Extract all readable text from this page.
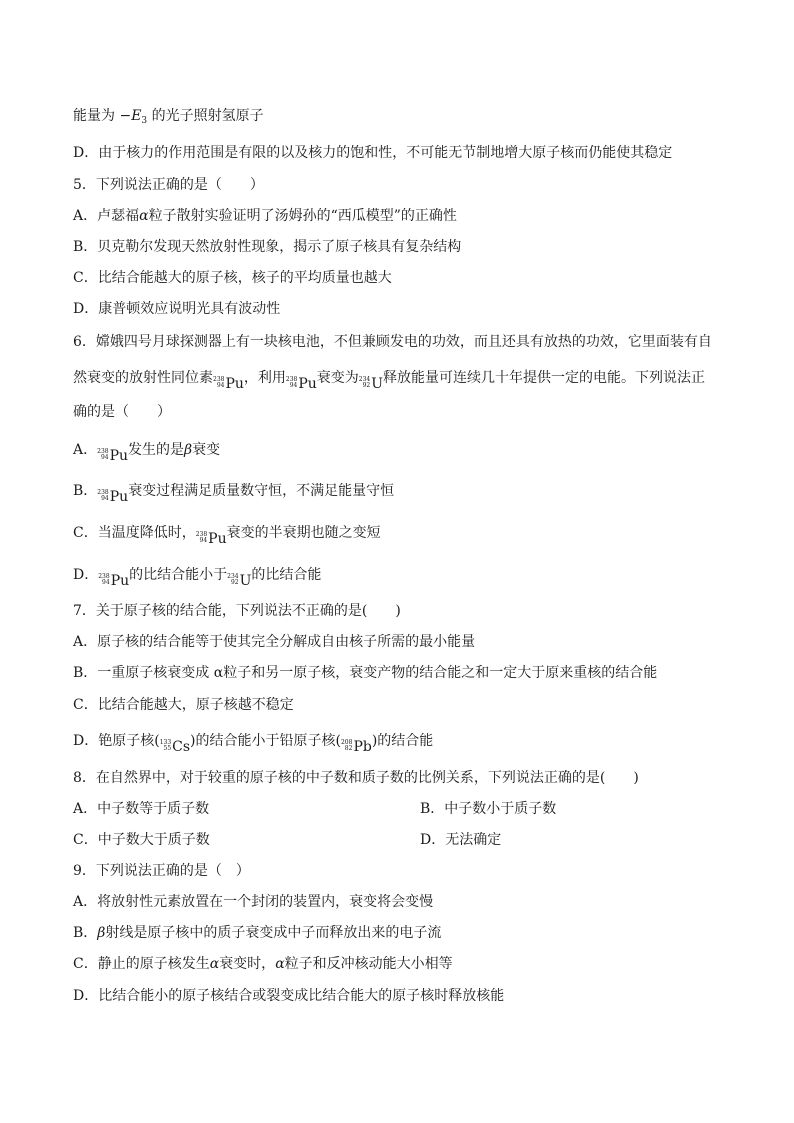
能量为 $-E_3$ 的光子照射氢原子
D．由于核力的作用范围是有限的以及核力的饱和性，不可能无节制地增大原子核而仍能使其稳定
5．下列说法正确的是（　　）
A．卢瑟福α粒子散射实验证明了汤姆孙的“西瓜模型”的正确性
B．贝克勒尔发现天然放射性现象，揭示了原子核具有复杂结构
C．比结合能越大的原子核，核子的平均质量也越大
D．康普顿效应说明光具有波动性
6．嫦娥四号月球探测器上有一块核电池，不但兼顾发电的功效，而且还具有放热的功效，它里面装有自
然衰变的放射性同位素 238
94 Pu ，利用 238
94 Pu 衰变为 234
92 U 释放能量可连续几十年提供一定的电能。下列说法正
确的是（　　）
A． 238
94 Pu 发生的是β衰变
B． 238
94 Pu 衰变过程满足质量数守恒，不满足能量守恒
C．当温度降低时， 238
94 Pu 衰变的半衰期也随之变短
D． 238
94 Pu 的比结合能小于 234
92 U 的比结合能
7．关于原子核的结合能，下列说法不正确的是(　　)
A．原子核的结合能等于使其完全分解成自由核子所需的最小能量
B．一重原子核衰变成 α粒子和另一原子核，衰变产物的结合能之和一定大于原来重核的结合能
C．比结合能越大，原子核越不稳定
D．铯原子核( 133
55 Cs )的结合能小于铅原子核( 208
82 Pb )的结合能
8．在自然界中，对于较重的原子核的中子数和质子数的比例关系，下列说法正确的是(　　)
A．中子数等于质子数	B．中子数小于质子数
C．中子数大于质子数	D．无法确定
9．下列说法正确的是（　）
A．将放射性元素放置在一个封闭的装置内，衰变将会变慢
B．β射线是原子核中的质子衰变成中子而释放出来的电子流
C．静止的原子核发生α衰变时，α粒子和反冲核动能大小相等
D．比结合能小的原子核结合或裂变成比结合能大的原子核时释放核能
